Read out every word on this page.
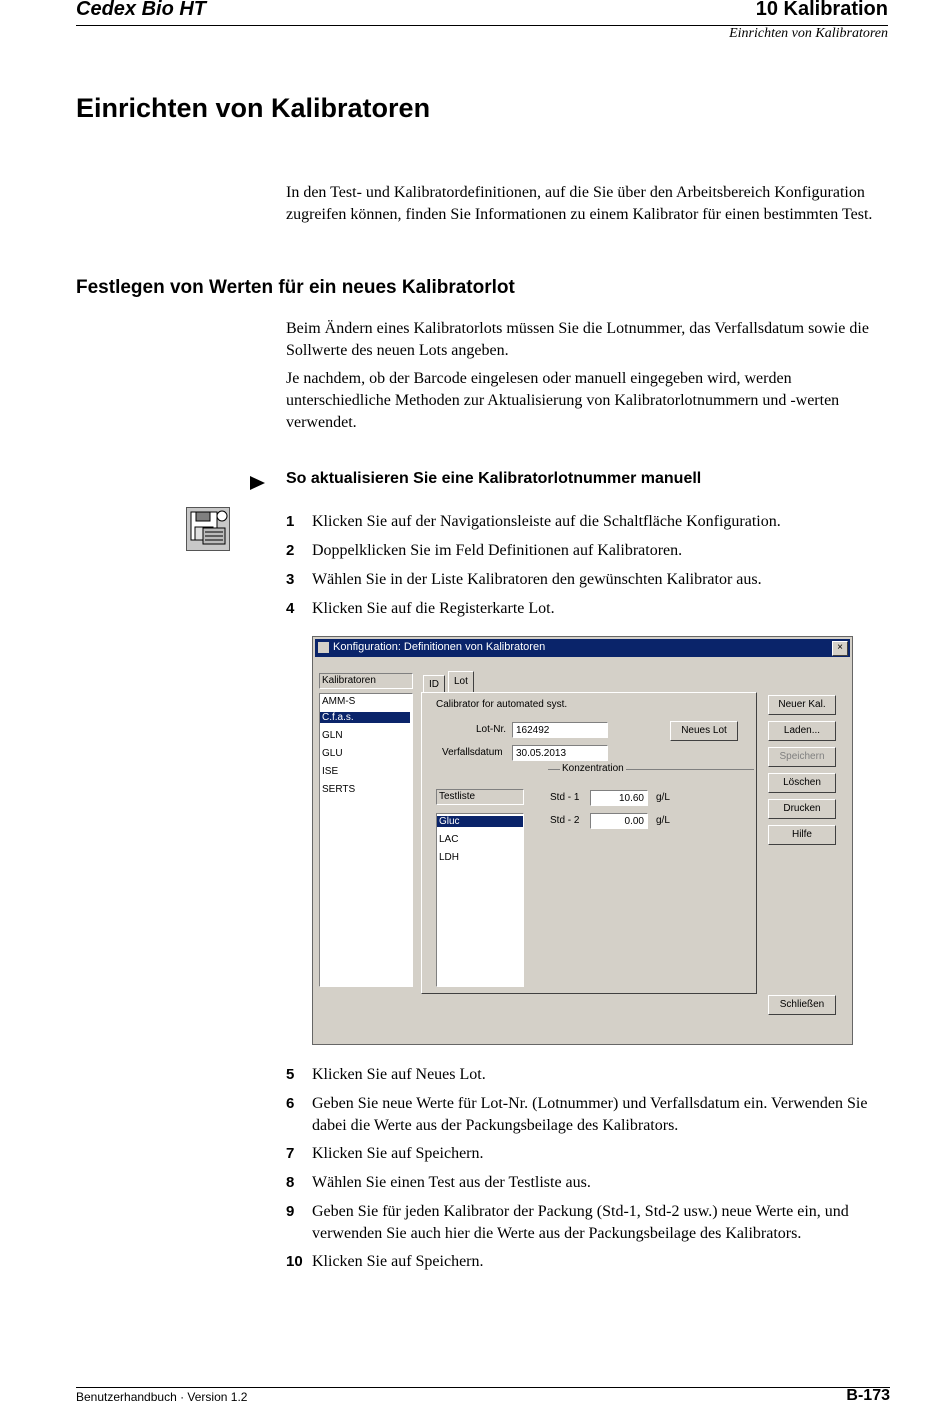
Cedex Bio HT	10 Kalibration
Einrichten von Kalibratoren
Einrichten von Kalibratoren

In den Test- und Kalibratordefinitionen, auf die Sie über den Arbeitsbereich Konfiguration zugreifen können, finden Sie Informationen zu einem Kalibrator für einen bestimmten Test.

Festlegen von Werten für ein neues Kalibratorlot

Beim Ändern eines Kalibratorlots müssen Sie die Lotnummer, das Verfallsdatum sowie die Sollwerte des neuen Lots angeben.

Je nachdem, ob der Barcode eingelesen oder manuell eingegeben wird, werden unterschiedliche Methoden zur Aktualisierung von Kalibratorlotnummern und -werten verwendet.

So aktualisieren Sie eine Kalibratorlotnummer manuell
1 Klicken Sie auf der Navigationsleiste auf die Schaltfläche Konfiguration.
2 Doppelklicken Sie im Feld Definitionen auf Kalibratoren.
3 Wählen Sie in der Liste Kalibratoren den gewünschten Kalibrator aus.
4 Klicken Sie auf die Registerkarte Lot.
Konfiguration: Definitionen von Kalibratoren	×
Kalibratoren
AMM-S
C.f.a.s.
GLN
GLU
ISE
SERTS
ID	Lot
Calibrator for automated syst.
Lot-Nr. 162492
Verfallsdatum	30.05.2013
Neues Lot
Konzentration
Std - 1	10.60	g/L
Std - 2	0.00	g/L
Testliste
Gluc
LAC
LDH
Neuer Kal.
Laden...
Speichern
Löschen
Drucken
Hilfe
Schließen
5 Klicken Sie auf Neues Lot.
6 Geben Sie neue Werte für Lot-Nr. (Lotnummer) und Verfallsdatum ein. Verwenden Sie dabei die Werte aus der Packungsbeilage des Kalibrators.
7 Klicken Sie auf Speichern.
8 Wählen Sie einen Test aus der Testliste aus.
9 Geben Sie für jeden Kalibrator der Packung (Std-1, Std-2 usw.) neue Werte ein, und verwenden Sie auch hier die Werte aus der Packungsbeilage des Kalibrators.
10 Klicken Sie auf Speichern.
Benutzerhandbuch · Version 1.2	B-173
